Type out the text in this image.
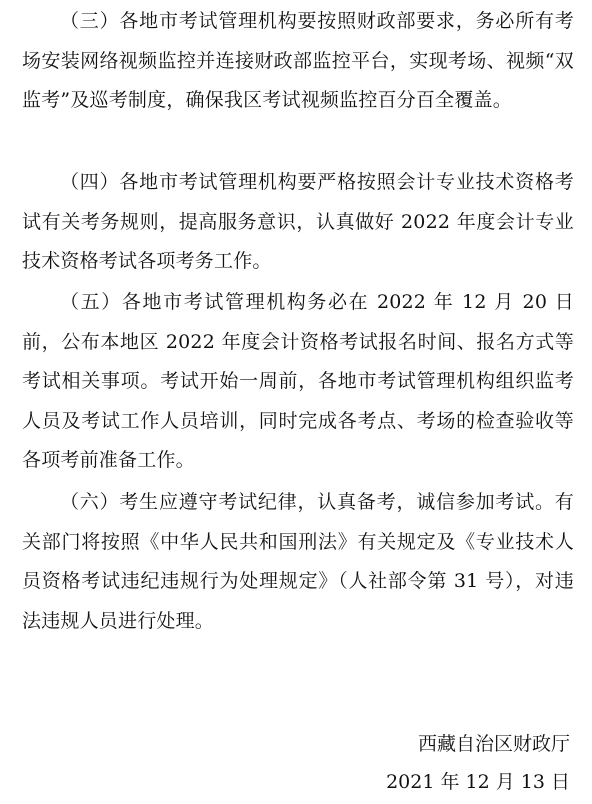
（三）各地市考试管理机构要按照财政部要求，务必所有考场安装网络视频监控并连接财政部监控平台，实现考场、视频“双监考”及巡考制度，确保我区考试视频监控百分百全覆盖。

（四）各地市考试管理机构要严格按照会计专业技术资格考试有关考务规则，提高服务意识，认真做好 2022 年度会计专业技术资格考试各项考务工作。

（五）各地市考试管理机构务必在 2022 年 12 月 20 日前，公布本地区 2022 年度会计资格考试报名时间、报名方式等考试相关事项。考试开始一周前，各地市考试管理机构组织监考人员及考试工作人员培训，同时完成各考点、考场的检查验收等各项考前准备工作。

（六）考生应遵守考试纪律，认真备考，诚信参加考试。有关部门将按照《中华人民共和国刑法》有关规定及《专业技术人员资格考试违纪违规行为处理规定》（人社部令第 31 号），对违法违规人员进行处理。

西藏自治区财政厅
2021 年 12 月 13 日
